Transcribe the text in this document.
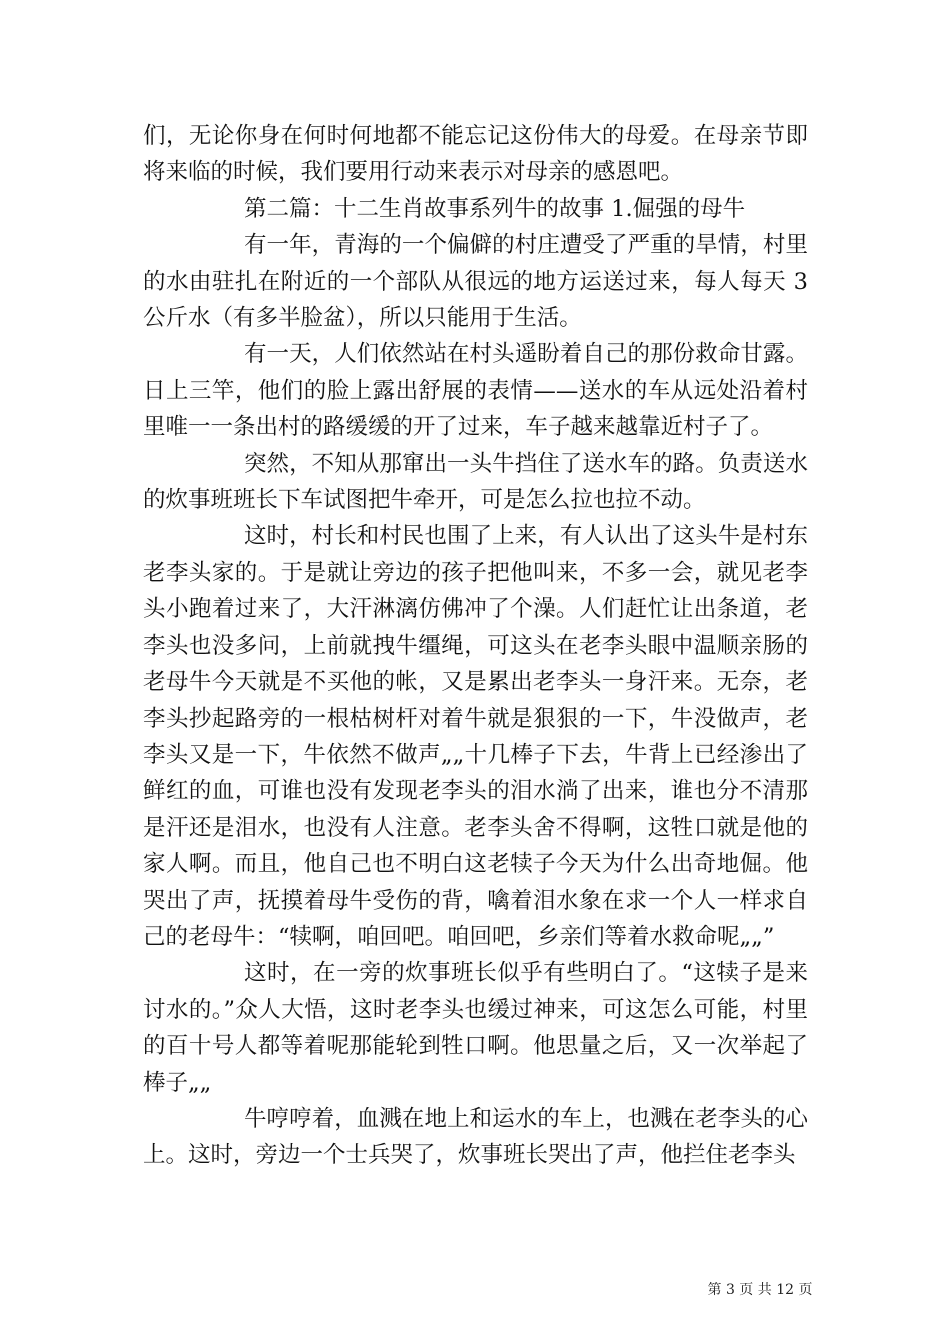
们，无论你身在何时何地都不能忘记这份伟大的母爱。在母亲节即将来临的时候，我们要用行动来表示对母亲的感恩吧。

第二篇：十二生肖故事系列牛的故事 1.倔强的母牛

有一年，青海的一个偏僻的村庄遭受了严重的旱情，村里的水由驻扎在附近的一个部队从很远的地方运送过来，每人每天 3 公斤水（有多半脸盆），所以只能用于生活。

有一天，人们依然站在村头遥盼着自己的那份救命甘露。日上三竿，他们的脸上露出舒展的表情——送水的车从远处沿着村里唯一一条出村的路缓缓的开了过来，车子越来越靠近村子了。

突然，不知从那窜出一头牛挡住了送水车的路。负责送水的炊事班班长下车试图把牛牵开，可是怎么拉也拉不动。

这时，村长和村民也围了上来，有人认出了这头牛是村东老李头家的。于是就让旁边的孩子把他叫来，不多一会，就见老李头小跑着过来了，大汗淋漓仿佛冲了个澡。人们赶忙让出条道，老李头也没多问，上前就拽牛缰绳，可这头在老李头眼中温顺亲肠的老母牛今天就是不买他的帐，又是累出老李头一身汗来。无奈，老李头抄起路旁的一根枯树杆对着牛就是狠狠的一下，牛没做声，老李头又是一下，牛依然不做声„„十几棒子下去，牛背上已经渗出了鲜红的血，可谁也没有发现老李头的泪水淌了出来，谁也分不清那是汗还是泪水，也没有人注意。老李头舍不得啊，这牲口就是他的家人啊。而且，他自己也不明白这老犊子今天为什么出奇地倔。他哭出了声，抚摸着母牛受伤的背，噙着泪水象在求一个人一样求自己的老母牛：“犊啊，咱回吧。咱回吧，乡亲们等着水救命呢„„”

这时，在一旁的炊事班长似乎有些明白了。“这犊子是来讨水的。”众人大悟，这时老李头也缓过神来，可这怎么可能，村里的百十号人都等着呢那能轮到牲口啊。他思量之后，又一次举起了棒子„„

牛哼哼着，血溅在地上和运水的车上，也溅在老李头的心上。这时，旁边一个士兵哭了，炊事班长哭出了声，他拦住老李头

第 3 页 共 12 页
